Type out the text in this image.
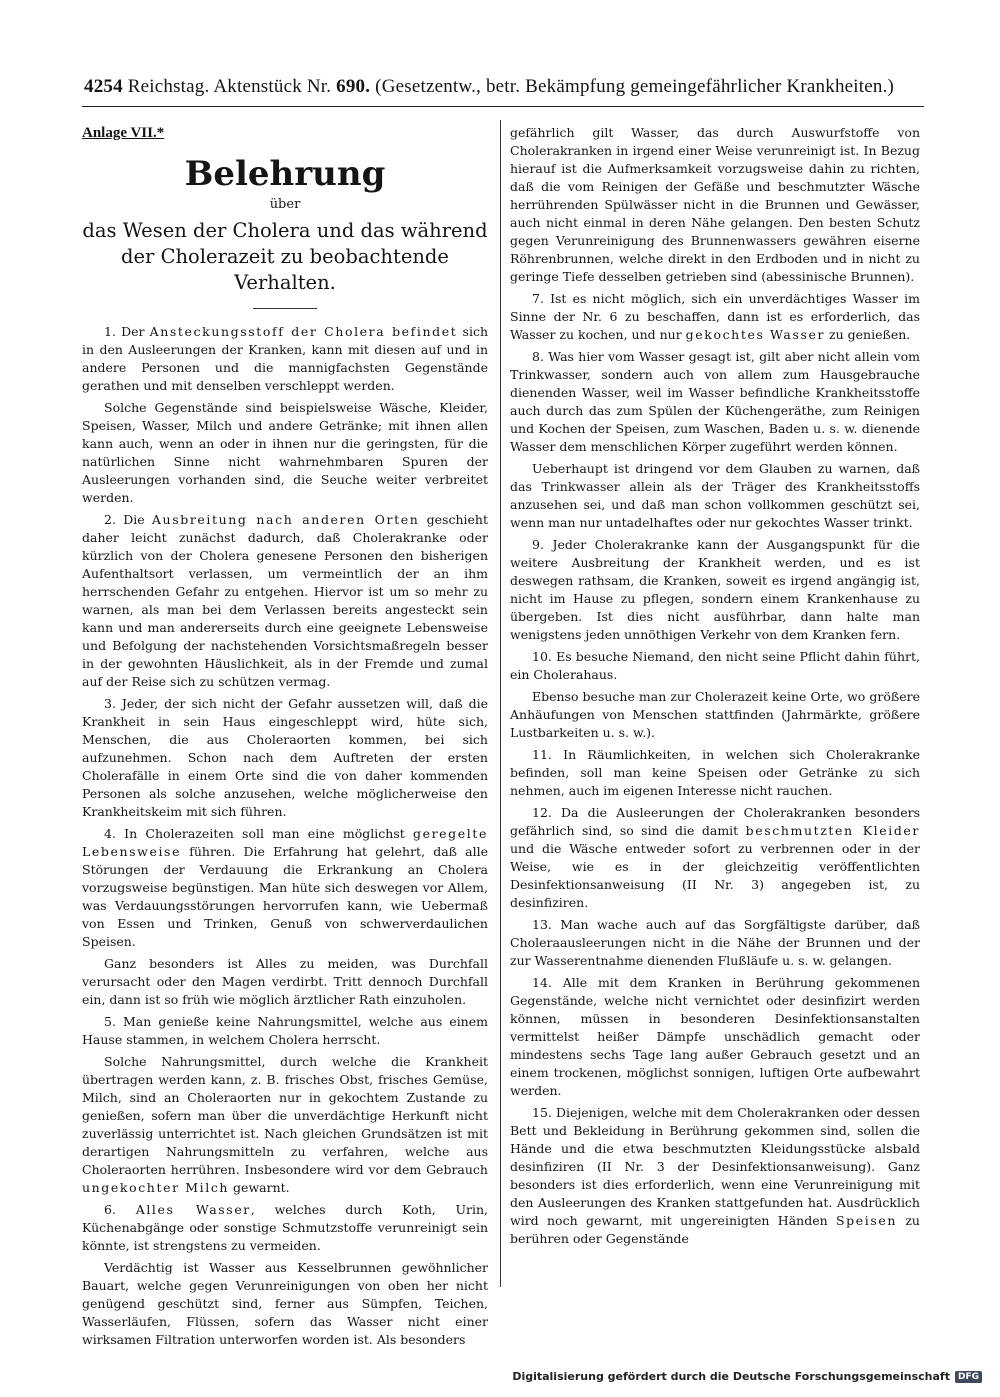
4254 Reichstag. Aktenstück Nr. 690. (Gesetzentw., betr. Bekämpfung gemeingefährlicher Krankheiten.)
Anlage VII.*
Belehrung
über
das Wesen der Cholera und das während der Cholerazeit zu beobachtende Verhalten.

1. Der Ansteckungsstoff der Cholera befindet sich in den Ausleerungen der Kranken, kann mit diesen auf und in andere Personen und die mannigfachsten Gegenstände gerathen und mit denselben verschleppt werden.

Solche Gegenstände sind beispielsweise Wäsche, Kleider, Speisen, Wasser, Milch und andere Getränke; mit ihnen allen kann auch, wenn an oder in ihnen nur die geringsten, für die natürlichen Sinne nicht wahrnehmbaren Spuren der Ausleerungen vorhanden sind, die Seuche weiter verbreitet werden.

2. Die Ausbreitung nach anderen Orten geschieht daher leicht zunächst dadurch, daß Cholerakranke oder kürzlich von der Cholera genesene Personen den bisherigen Aufenthaltsort verlassen, um vermeintlich der an ihm herrschenden Gefahr zu entgehen. Hiervor ist um so mehr zu warnen, als man bei dem Verlassen bereits angesteckt sein kann und man andererseits durch eine geeignete Lebensweise und Befolgung der nachstehenden Vorsichtsmaßregeln besser in der gewohnten Häuslichkeit, als in der Fremde und zumal auf der Reise sich zu schützen vermag.

3. Jeder, der sich nicht der Gefahr aussetzen will, daß die Krankheit in sein Haus eingeschleppt wird, hüte sich, Menschen, die aus Choleraorten kommen, bei sich aufzunehmen. Schon nach dem Auftreten der ersten Cholerafälle in einem Orte sind die von daher kommenden Personen als solche anzusehen, welche möglicherweise den Krankheitskeim mit sich führen.

4. In Cholerazeiten soll man eine möglichst geregelte Lebensweise führen. Die Erfahrung hat gelehrt, daß alle Störungen der Verdauung die Erkrankung an Cholera vorzugsweise begünstigen. Man hüte sich deswegen vor Allem, was Verdauungsstörungen hervorrufen kann, wie Uebermaß von Essen und Trinken, Genuß von schwerverdaulichen Speisen.

Ganz besonders ist Alles zu meiden, was Durchfall verursacht oder den Magen verdirbt. Tritt dennoch Durchfall ein, dann ist so früh wie möglich ärztlicher Rath einzuholen.

5. Man genieße keine Nahrungsmittel, welche aus einem Hause stammen, in welchem Cholera herrscht.

Solche Nahrungsmittel, durch welche die Krankheit übertragen werden kann, z. B. frisches Obst, frisches Gemüse, Milch, sind an Choleraorten nur in gekochtem Zustande zu genießen, sofern man über die unverdächtige Herkunft nicht zuverlässig unterrichtet ist. Nach gleichen Grundsätzen ist mit derartigen Nahrungsmitteln zu verfahren, welche aus Choleraorten herrühren. Insbesondere wird vor dem Gebrauch ungekochter Milch gewarnt.

6. Alles Wasser, welches durch Koth, Urin, Küchenabgänge oder sonstige Schmutzstoffe verunreinigt sein könnte, ist strengstens zu vermeiden.

Verdächtig ist Wasser aus Kesselbrunnen gewöhnlicher Bauart, welche gegen Verunreinigungen von oben her nicht genügend geschützt sind, ferner aus Sümpfen, Teichen, Wasserläufen, Flüssen, sofern das Wasser nicht einer wirksamen Filtration unterworfen worden ist. Als besonders

gefährlich gilt Wasser, das durch Auswurfstoffe von Cholerakranken in irgend einer Weise verunreinigt ist. In Bezug hierauf ist die Aufmerksamkeit vorzugsweise dahin zu richten, daß die vom Reinigen der Gefäße und beschmutzter Wäsche herrührenden Spülwässer nicht in die Brunnen und Gewässer, auch nicht einmal in deren Nähe gelangen. Den besten Schutz gegen Verunreinigung des Brunnenwassers gewähren eiserne Röhrenbrunnen, welche direkt in den Erdboden und in nicht zu geringe Tiefe desselben getrieben sind (abessinische Brunnen).

7. Ist es nicht möglich, sich ein unverdächtiges Wasser im Sinne der Nr. 6 zu beschaffen, dann ist es erforderlich, das Wasser zu kochen, und nur gekochtes Wasser zu genießen.

8. Was hier vom Wasser gesagt ist, gilt aber nicht allein vom Trinkwasser, sondern auch von allem zum Hausgebrauche dienenden Wasser, weil im Wasser befindliche Krankheitsstoffe auch durch das zum Spülen der Küchengeräthe, zum Reinigen und Kochen der Speisen, zum Waschen, Baden u. s. w. dienende Wasser dem menschlichen Körper zugeführt werden können.

Ueberhaupt ist dringend vor dem Glauben zu warnen, daß das Trinkwasser allein als der Träger des Krankheitsstoffs anzusehen sei, und daß man schon vollkommen geschützt sei, wenn man nur untadelhaftes oder nur gekochtes Wasser trinkt.

9. Jeder Cholerakranke kann der Ausgangspunkt für die weitere Ausbreitung der Krankheit werden, und es ist deswegen rathsam, die Kranken, soweit es irgend angängig ist, nicht im Hause zu pflegen, sondern einem Krankenhause zu übergeben. Ist dies nicht ausführbar, dann halte man wenigstens jeden unnöthigen Verkehr von dem Kranken fern.

10. Es besuche Niemand, den nicht seine Pflicht dahin führt, ein Cholerahaus.

Ebenso besuche man zur Cholerazeit keine Orte, wo größere Anhäufungen von Menschen stattfinden (Jahrmärkte, größere Lustbarkeiten u. s. w.).

11. In Räumlichkeiten, in welchen sich Cholerakranke befinden, soll man keine Speisen oder Getränke zu sich nehmen, auch im eigenen Interesse nicht rauchen.

12. Da die Ausleerungen der Cholerakranken besonders gefährlich sind, so sind die damit beschmutzten Kleider und die Wäsche entweder sofort zu verbrennen oder in der Weise, wie es in der gleichzeitig veröffentlichten Desinfektionsanweisung (II Nr. 3) angegeben ist, zu desinfiziren.

13. Man wache auch auf das Sorgfältigste darüber, daß Choleraausleerungen nicht in die Nähe der Brunnen und der zur Wasserentnahme dienenden Flußläufe u. s. w. gelangen.

14. Alle mit dem Kranken in Berührung gekommenen Gegenstände, welche nicht vernichtet oder desinfizirt werden können, müssen in besonderen Desinfektionsanstalten vermittelst heißer Dämpfe unschädlich gemacht oder mindestens sechs Tage lang außer Gebrauch gesetzt und an einem trockenen, möglichst sonnigen, luftigen Orte aufbewahrt werden.

15. Diejenigen, welche mit dem Cholerakranken oder dessen Bett und Bekleidung in Berührung gekommen sind, sollen die Hände und die etwa beschmutzten Kleidungsstücke alsbald desinfiziren (II Nr. 3 der Desinfektionsanweisung). Ganz besonders ist dies erforderlich, wenn eine Verunreinigung mit den Ausleerungen des Kranken stattgefunden hat. Ausdrücklich wird noch gewarnt, mit ungereinigten Händen Speisen zu berühren oder Gegenstände

Digitalisierung gefördert durch die Deutsche Forschungsgemeinschaft DFG
